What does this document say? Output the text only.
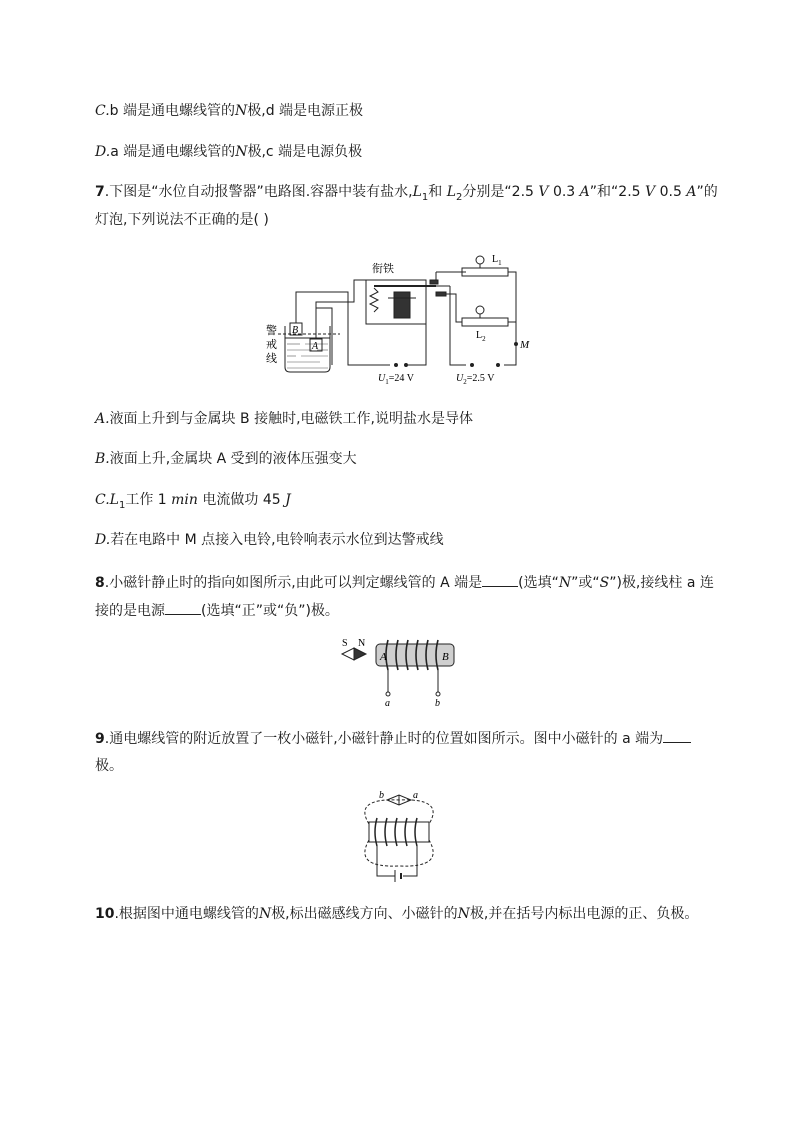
C.b 端是通电螺线管的N极,d 端是电源正极
D.a 端是通电螺线管的N极,c 端是电源负极
7.下图是“水位自动报警器”电路图.容器中装有盐水$,L_1$和 $L_2$分别是“2.5 V 0.3 A”和“2.5 V 0.5 A”的
灯泡,下列说法不正确的是( )
衔铁
$L_1$
$L_2$	M
B
A
警
戒
线
$U_1=24$ V	$U_2=2.5$ V
A.液面上升到与金属块 B 接触时,电磁铁工作,说明盐水是导体
B.液面上升,金属块 A 受到的液体压强变大
$C.L_1$工作 1 min 电流做功 45 J
D.若在电路中 M 点接入电铃,电铃响表示水位到达警戒线
8.小磁针静止时的指向如图所示,由此可以判定螺线管的 A 端是	(选填“N”或“S”)极,接线柱 a 连
接的是电源	(选填“正”或“负”)极。
S N
A	B
a	b
9.通电螺线管的附近放置了一枚小磁针,小磁针静止时的位置如图所示。图中小磁针的 a 端为
极。
b	a
10.根据图中通电螺线管的N极,标出磁感线方向、小磁针的N极,并在括号内标出电源的正、负极。
